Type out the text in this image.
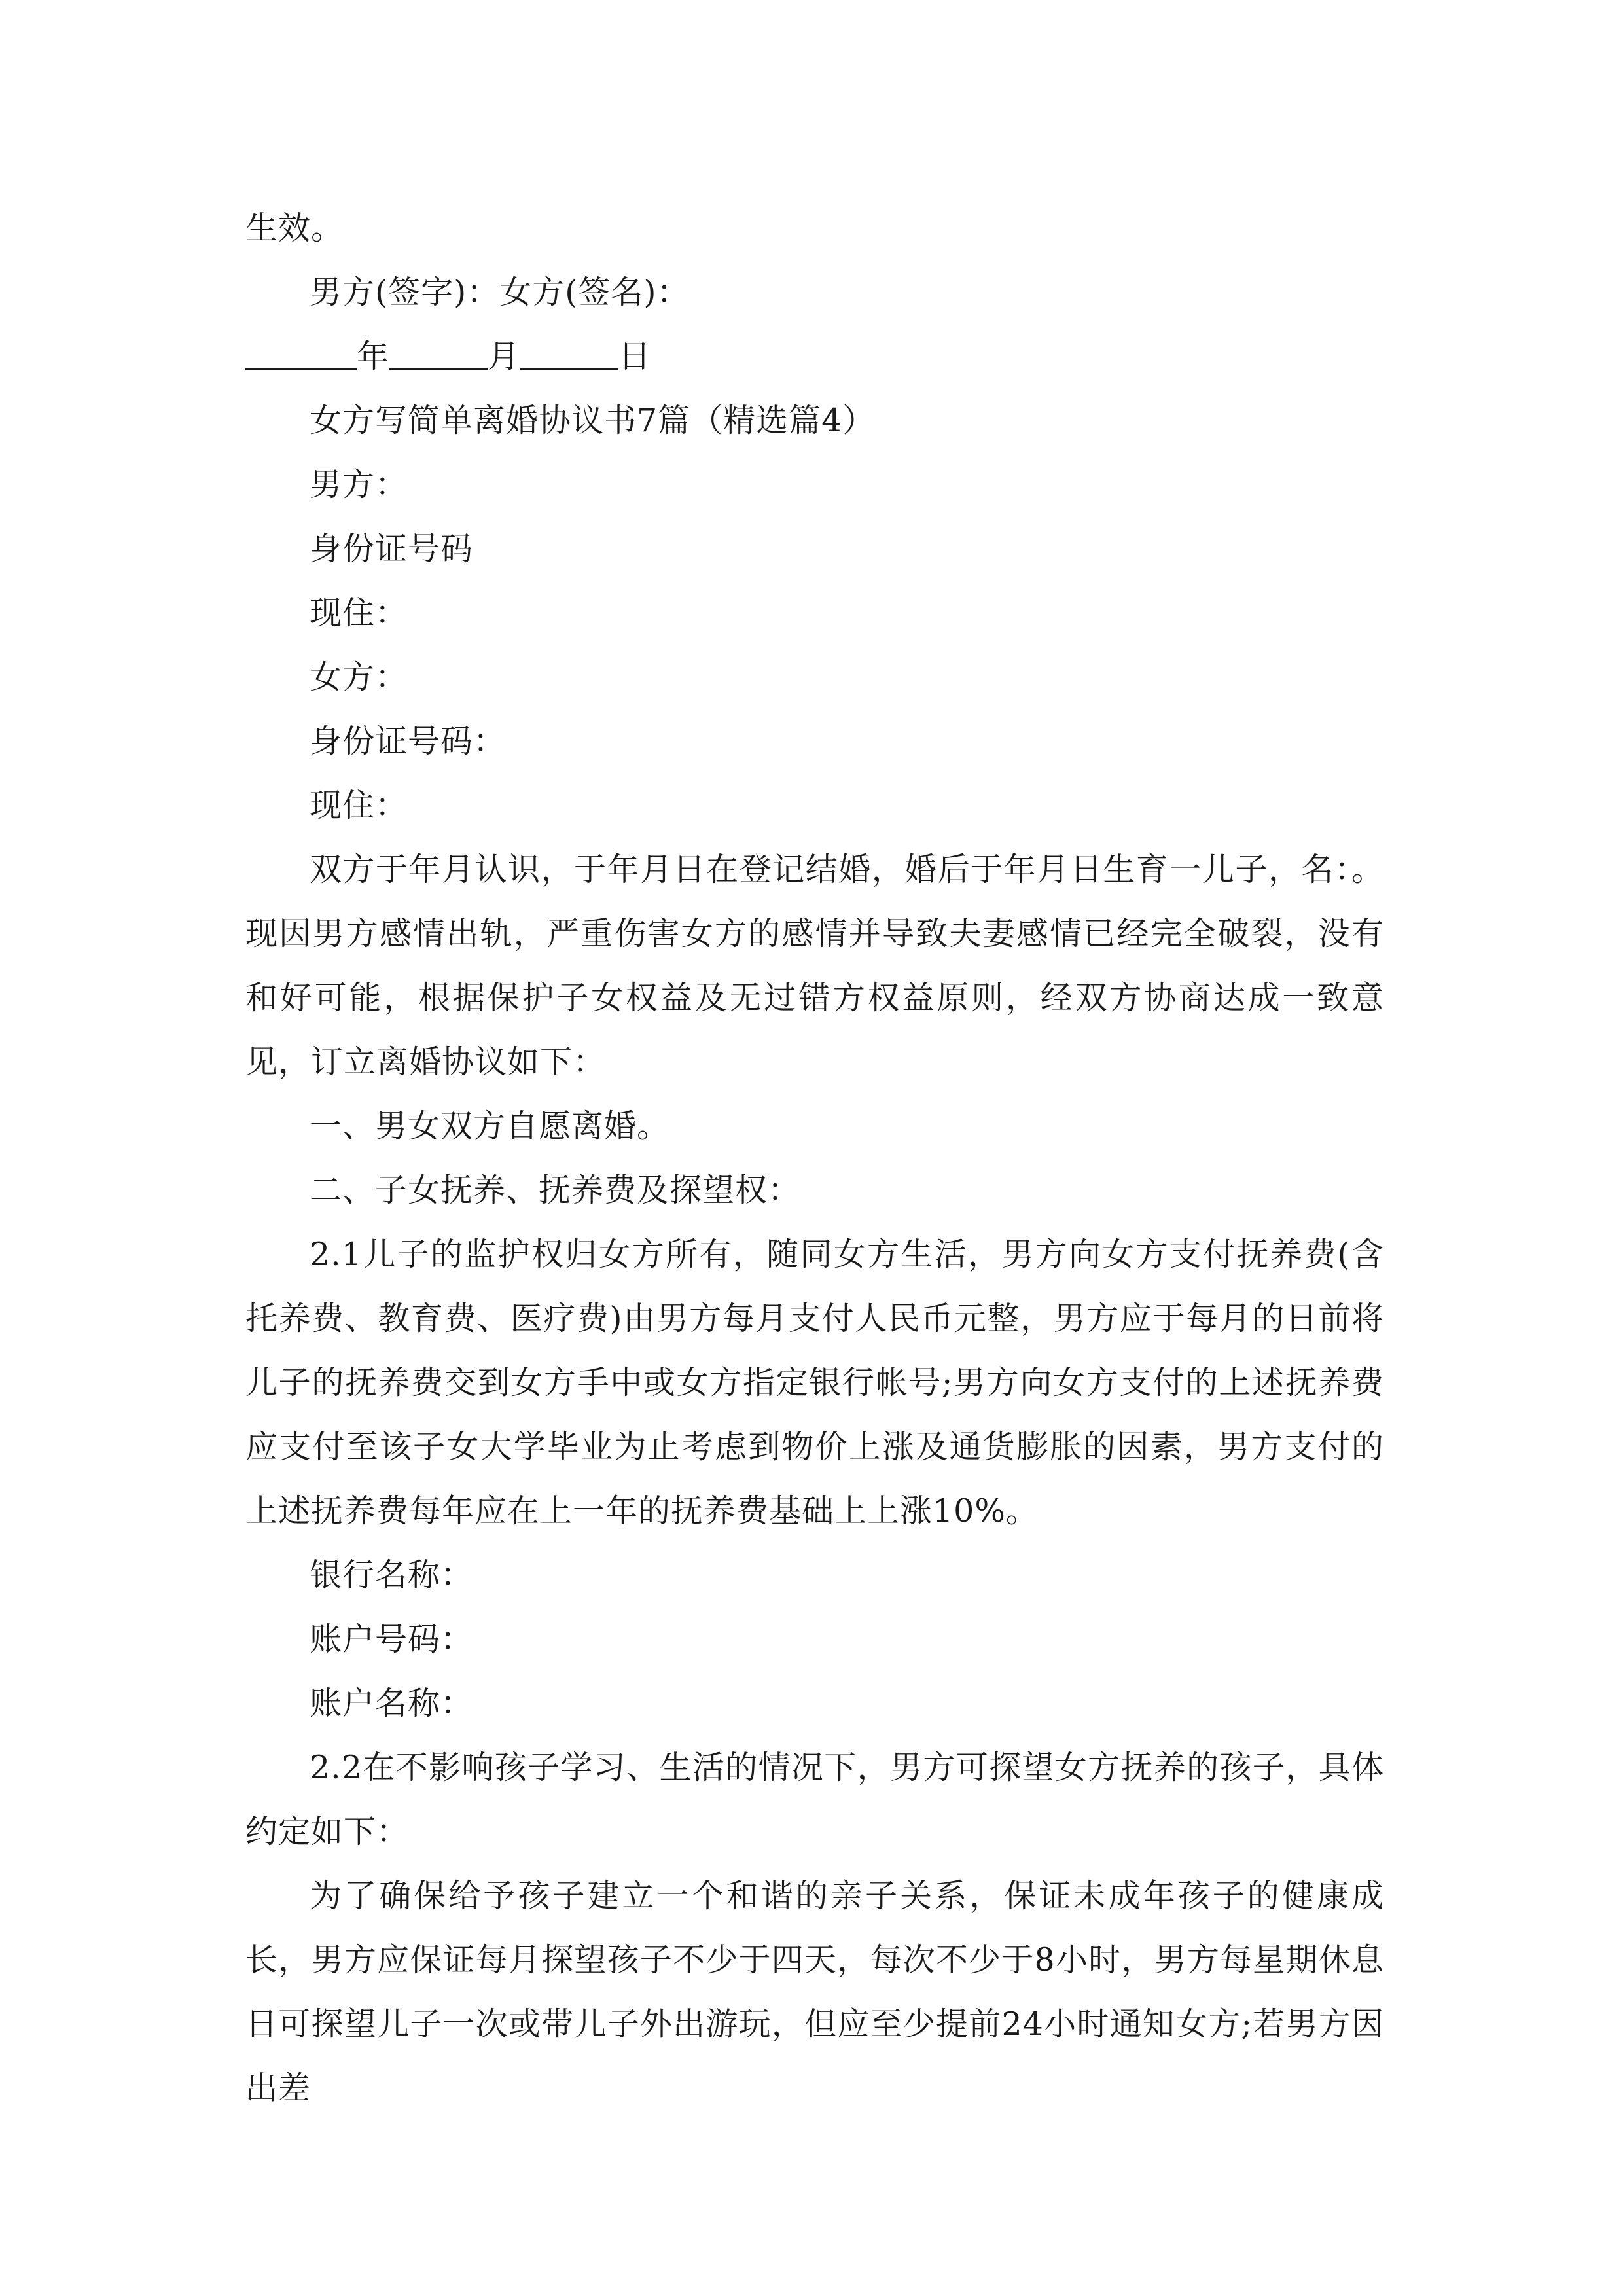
生效。

男方(签字)：女方(签名)：

年	月	日

女方写简单离婚协议书7篇（精选篇4）

男方：

身份证号码

现住：

女方：

身份证号码：

现住：

双方于年月认识，于年月日在登记结婚，婚后于年月日生育一儿子，名：。现因男方感情出轨，严重伤害女方的感情并导致夫妻感情已经完全破裂，没有和好可能，根据保护子女权益及无过错方权益原则，经双方协商达成一致意见，订立离婚协议如下：

一、男女双方自愿离婚。

二、子女抚养、抚养费及探望权：

2.1儿子的监护权归女方所有，随同女方生活，男方向女方支付抚养费(含托养费、教育费、医疗费)由男方每月支付人民币元整，男方应于每月的日前将儿子的抚养费交到女方手中或女方指定银行帐号;男方向女方支付的上述抚养费应支付至该子女大学毕业为止考虑到物价上涨及通货膨胀的因素，男方支付的上述抚养费每年应在上一年的抚养费基础上上涨10%。

银行名称：

账户号码：

账户名称：

2.2在不影响孩子学习、生活的情况下，男方可探望女方抚养的孩子，具体约定如下：

为了确保给予孩子建立一个和谐的亲子关系，保证未成年孩子的健康成长，男方应保证每月探望孩子不少于四天，每次不少于8小时，男方每星期休息日可探望儿子一次或带儿子外出游玩，但应至少提前24小时通知女方;若男方因出差
